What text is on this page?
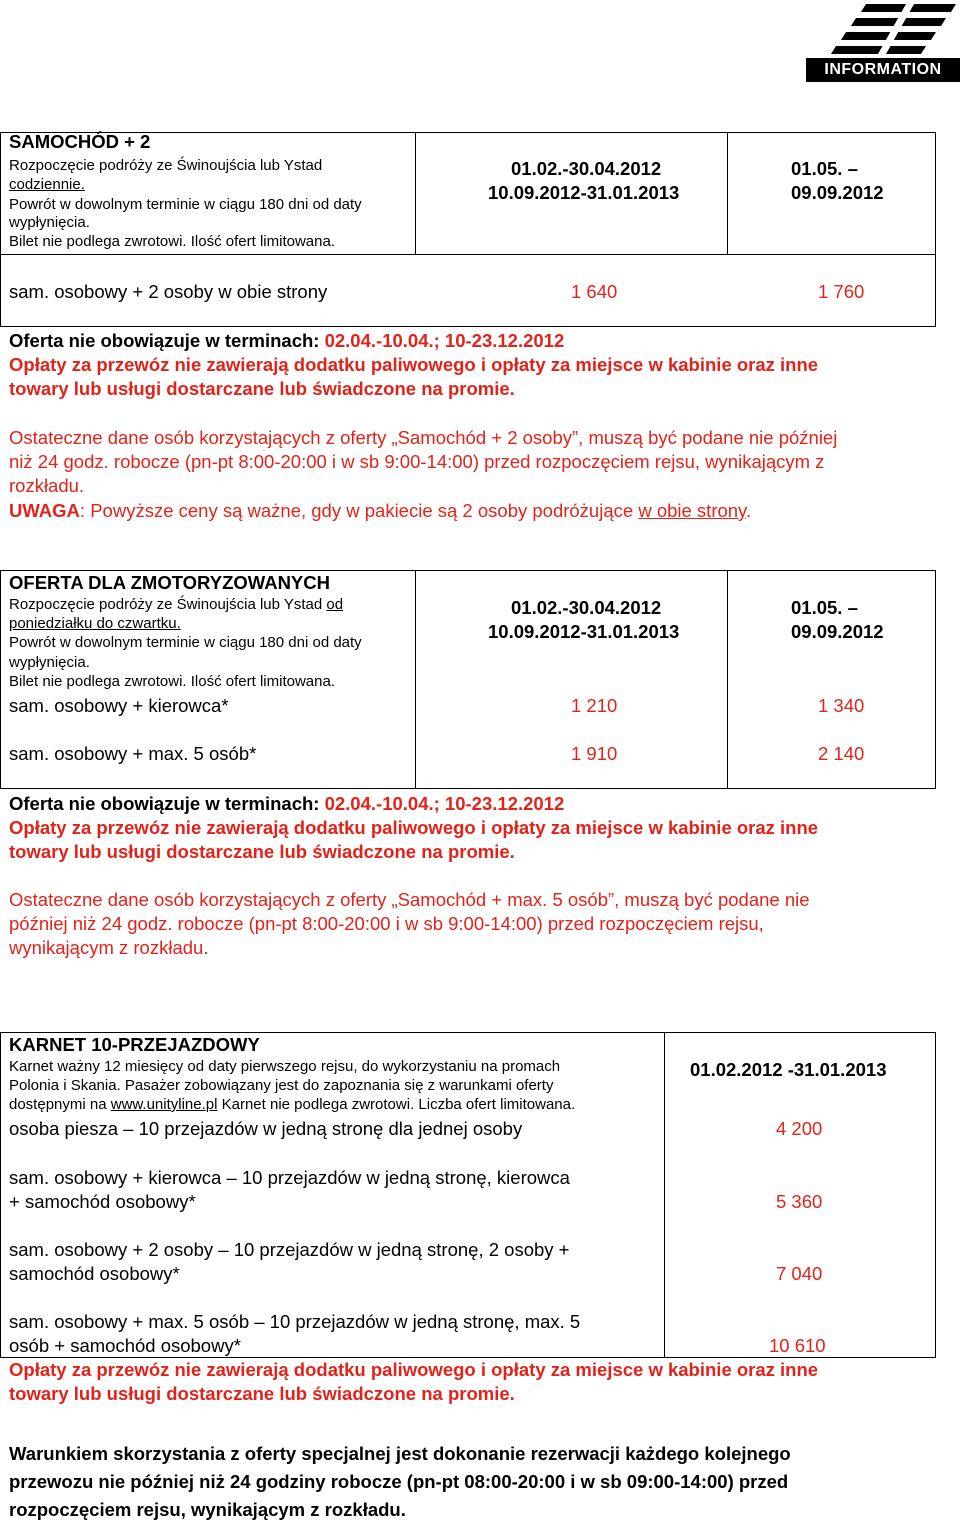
INFORMATION
SAMOCHÓD + 2
Rozpoczęcie podróży ze Świnoujścia lub Ystad
codziennie.
Powrót w dowolnym terminie w ciągu 180 dni od daty
wypłynięcia.
Bilet nie podlega zwrotowi. Ilość ofert limitowana.
01.02.-30.04.2012
10.09.2012-31.01.2013
01.05. –
09.09.2012
sam. osobowy + 2 osoby w obie strony	1 640	1 760
Oferta nie obowiązuje w terminach: 02.04.-10.04.; 10-23.12.2012
Opłaty za przewóz nie zawierają dodatku paliwowego i opłaty za miejsce w kabinie oraz inne
towary lub usługi dostarczane lub świadczone na promie.
Ostateczne dane osób korzystających z oferty „Samochód + 2 osoby”, muszą być podane nie później
niż 24 godz. robocze (pn-pt 8:00-20:00 i w sb 9:00-14:00) przed rozpoczęciem rejsu, wynikającym z
rozkładu.
UWAGA: Powyższe ceny są ważne, gdy w pakiecie są 2 osoby podróżujące w obie strony.
OFERTA DLA ZMOTORYZOWANYCH
Rozpoczęcie podróży ze Świnoujścia lub Ystad od
poniedziałku do czwartku.
Powrót w dowolnym terminie w ciągu 180 dni od daty
wypłynięcia.
Bilet nie podlega zwrotowi. Ilość ofert limitowana.
01.02.-30.04.2012
10.09.2012-31.01.2013
01.05. –
09.09.2012
sam. osobowy + kierowca*	1 210	1 340
sam. osobowy + max. 5 osób*	1 910	2 140
Oferta nie obowiązuje w terminach: 02.04.-10.04.; 10-23.12.2012
Opłaty za przewóz nie zawierają dodatku paliwowego i opłaty za miejsce w kabinie oraz inne
towary lub usługi dostarczane lub świadczone na promie.
Ostateczne dane osób korzystających z oferty „Samochód + max. 5 osób”, muszą być podane nie
później niż 24 godz. robocze (pn-pt 8:00-20:00 i w sb 9:00-14:00) przed rozpoczęciem rejsu,
wynikającym z rozkładu.
KARNET 10-PRZEJAZDOWY
Karnet ważny 12 miesięcy od daty pierwszego rejsu, do wykorzystaniu na promach
Polonia i Skania. Pasażer zobowiązany jest do zapoznania się z warunkami oferty
dostępnymi na www.unityline.pl Karnet nie podlega zwrotowi. Liczba ofert limitowana.
01.02.2012 -31.01.2013
osoba piesza – 10 przejazdów w jedną stronę dla jednej osoby	4 200
sam. osobowy + kierowca – 10 przejazdów w jedną stronę, kierowca
+ samochód osobowy*	5 360
sam. osobowy + 2 osoby – 10 przejazdów w jedną stronę, 2 osoby +
samochód osobowy*	7 040
sam. osobowy + max. 5 osób – 10 przejazdów w jedną stronę, max. 5
osób + samochód osobowy*	10 610
Opłaty za przewóz nie zawierają dodatku paliwowego i opłaty za miejsce w kabinie oraz inne
towary lub usługi dostarczane lub świadczone na promie.
Warunkiem skorzystania z oferty specjalnej jest dokonanie rezerwacji każdego kolejnego
przewozu nie później niż 24 godziny robocze (pn-pt 08:00-20:00 i w sb 09:00-14:00) przed
rozpoczęciem rejsu, wynikającym z rozkładu.
